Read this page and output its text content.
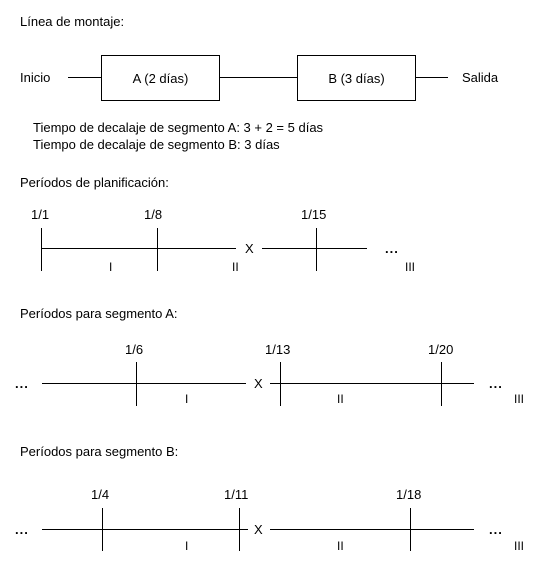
Línea de montaje:
Inicio	A (2 días)	B (3 días)	Salida
Tiempo de decalaje de segmento A: 3 + 2 = 5 días
Tiempo de decalaje de segmento B: 3 días
Períodos de planificación:
1/1	1/8	1/15
X	...
I	II	III
Períodos para segmento A:
1/6	1/13	1/20
...	X	...
I	II	III
Períodos para segmento B:
1/4	1/11	1/18
...	X	...
I	II	III
